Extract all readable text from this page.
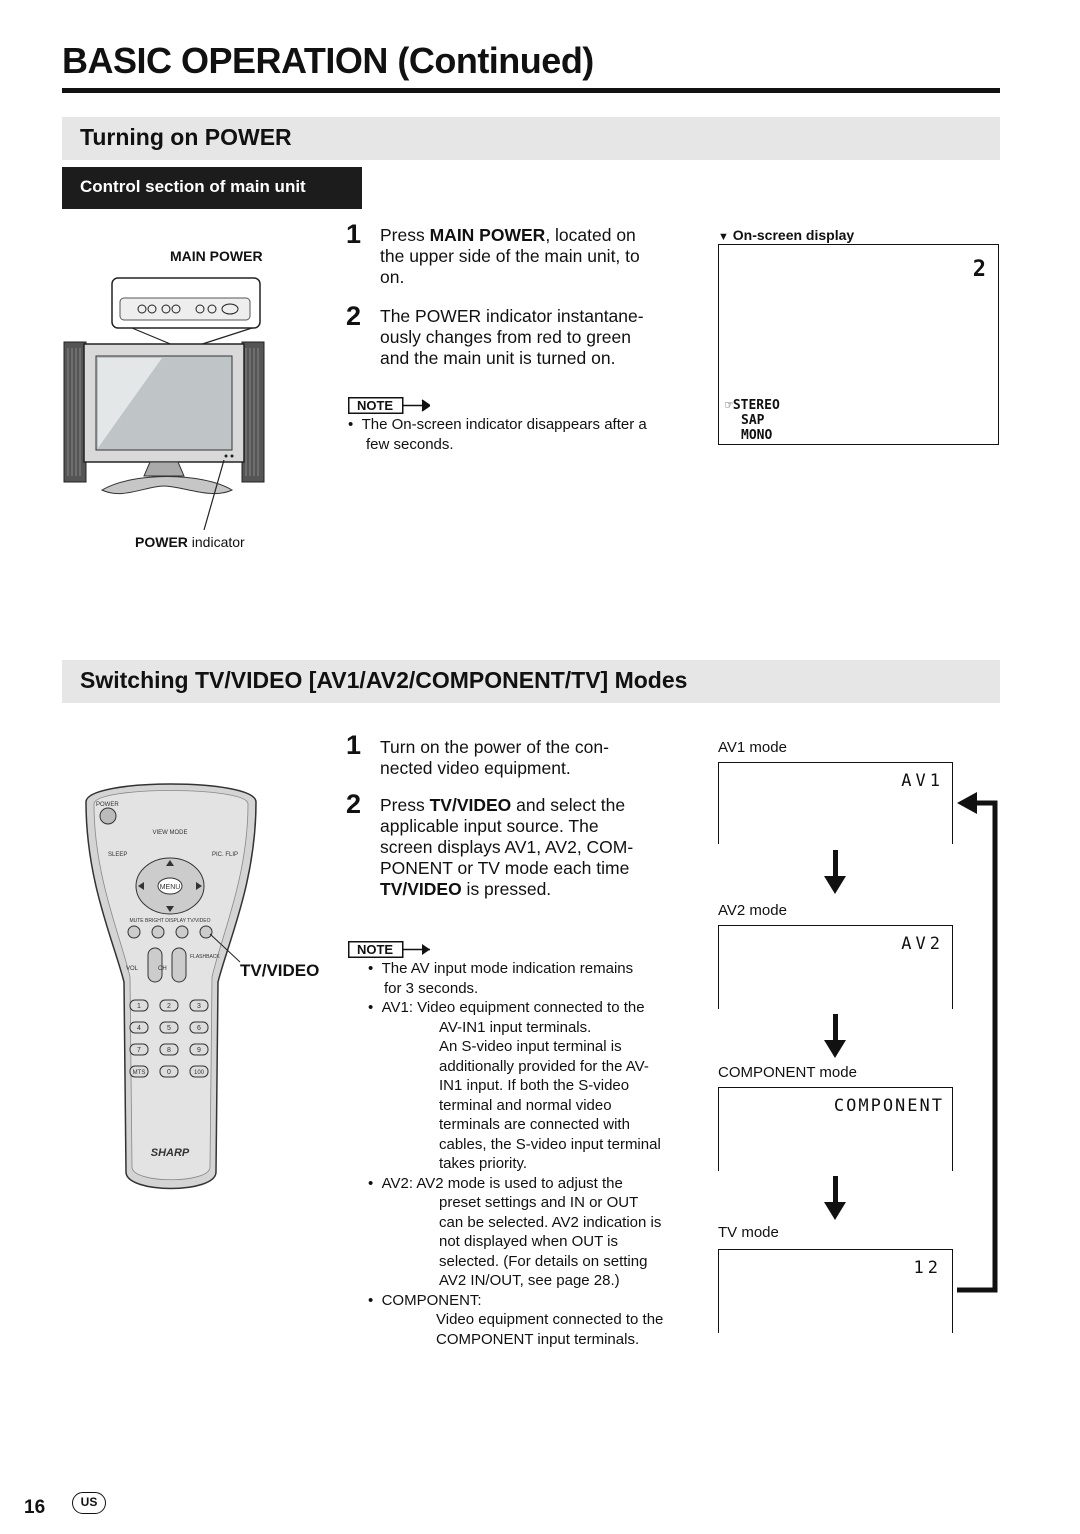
BASIC OPERATION (Continued)
Turning on POWER
Control section of main unit
MAIN POWER
POWER indicator
1 Press MAIN POWER, located on
the upper side of the main unit, to
on.
2 The POWER indicator instantane-
ously changes from red to green
and the main unit is turned on.
NOTE
•  The On-screen indicator disappears after a
few seconds.
▼ On-screen display
2
☞STEREO
SAP
MONO
Switching TV/VIDEO [AV1/AV2/COMPONENT/TV] Modes
POWER
VIEW MODE
SLEEP	PIC. FLIP
MENU
MUTE BRIGHT DISPLAY TV/VIDEO
FLASHBACK
VOL	CH
1	2	3
4	5	6
7	8	9
MTS	0	100
SHARP
TV/VIDEO
1 Turn on the power of the con-
nected video equipment.
2 Press TV/VIDEO and select the
applicable input source. The
screen displays AV1, AV2, COM-
PONENT or TV mode each time
TV/VIDEO is pressed.
NOTE
•  The AV input mode indication remains
for 3 seconds.
•  AV1: Video equipment connected to the
AV-IN1 input terminals.
An S-video input terminal is
additionally provided for the AV-
IN1 input. If both the S-video
terminal and normal video
terminals are connected with
cables, the S-video input terminal
takes priority.
•  AV2: AV2 mode is used to adjust the
preset settings and IN or OUT
can be selected. AV2 indication is
not displayed when OUT is
selected. (For details on setting
AV2 IN/OUT, see page 28.)
•  COMPONENT:
Video equipment connected to the
COMPONENT input terminals.
AV1 mode
AV1
AV2 mode
AV2
COMPONENT mode
COMPONENT
TV mode
12
16	US
